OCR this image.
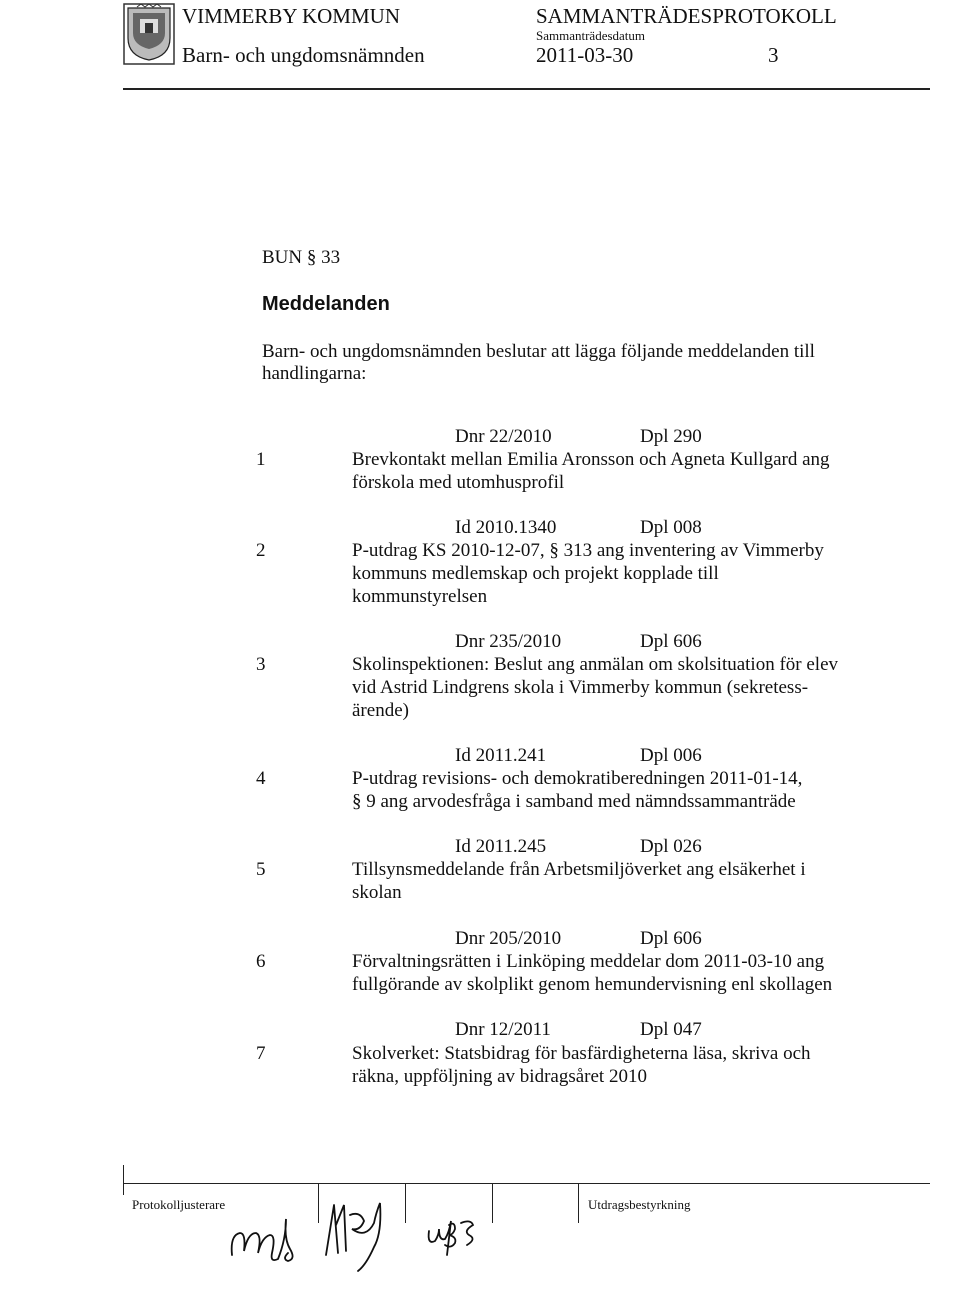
VIMMERBY KOMMUN
Barn- och ungdomsnämnden
SAMMANTRÄDESPROTOKOLL
Sammanträdesdatum
2011-03-30	3
BUN § 33
Meddelanden
Barn- och ungdomsnämnden beslutar att lägga följande meddelanden till
handlingarna:
Dnr 22/2010	Dpl 290
1	Brevkontakt mellan Emilia Aronsson och Agneta Kullgard ang
förskola med utomhusprofil
Id 2010.1340	Dpl 008
2	P-utdrag KS 2010-12-07, § 313 ang inventering av Vimmerby
kommuns medlemskap och projekt kopplade till
kommunstyrelsen
Dnr 235/2010	Dpl 606
3	Skolinspektionen: Beslut ang anmälan om skolsituation för elev
vid Astrid Lindgrens skola i Vimmerby kommun (sekretess-
ärende)
Id 2011.241	Dpl 006
4	P-utdrag revisions- och demokratiberedningen 2011-01-14,
§ 9 ang arvodesfråga i samband med nämndssammanträde
Id 2011.245	Dpl 026
5	Tillsynsmeddelande från Arbetsmiljöverket ang elsäkerhet i
skolan
Dnr 205/2010	Dpl 606
6	Förvaltningsrätten i Linköping meddelar dom 2011-03-10 ang
fullgörande av skolplikt genom hemundervisning enl skollagen
Dnr 12/2011	Dpl 047
7	Skolverket: Statsbidrag för basfärdigheterna läsa, skriva och
räkna, uppföljning av bidragsåret 2010
Protokolljusterare	Utdragsbestyrkning
